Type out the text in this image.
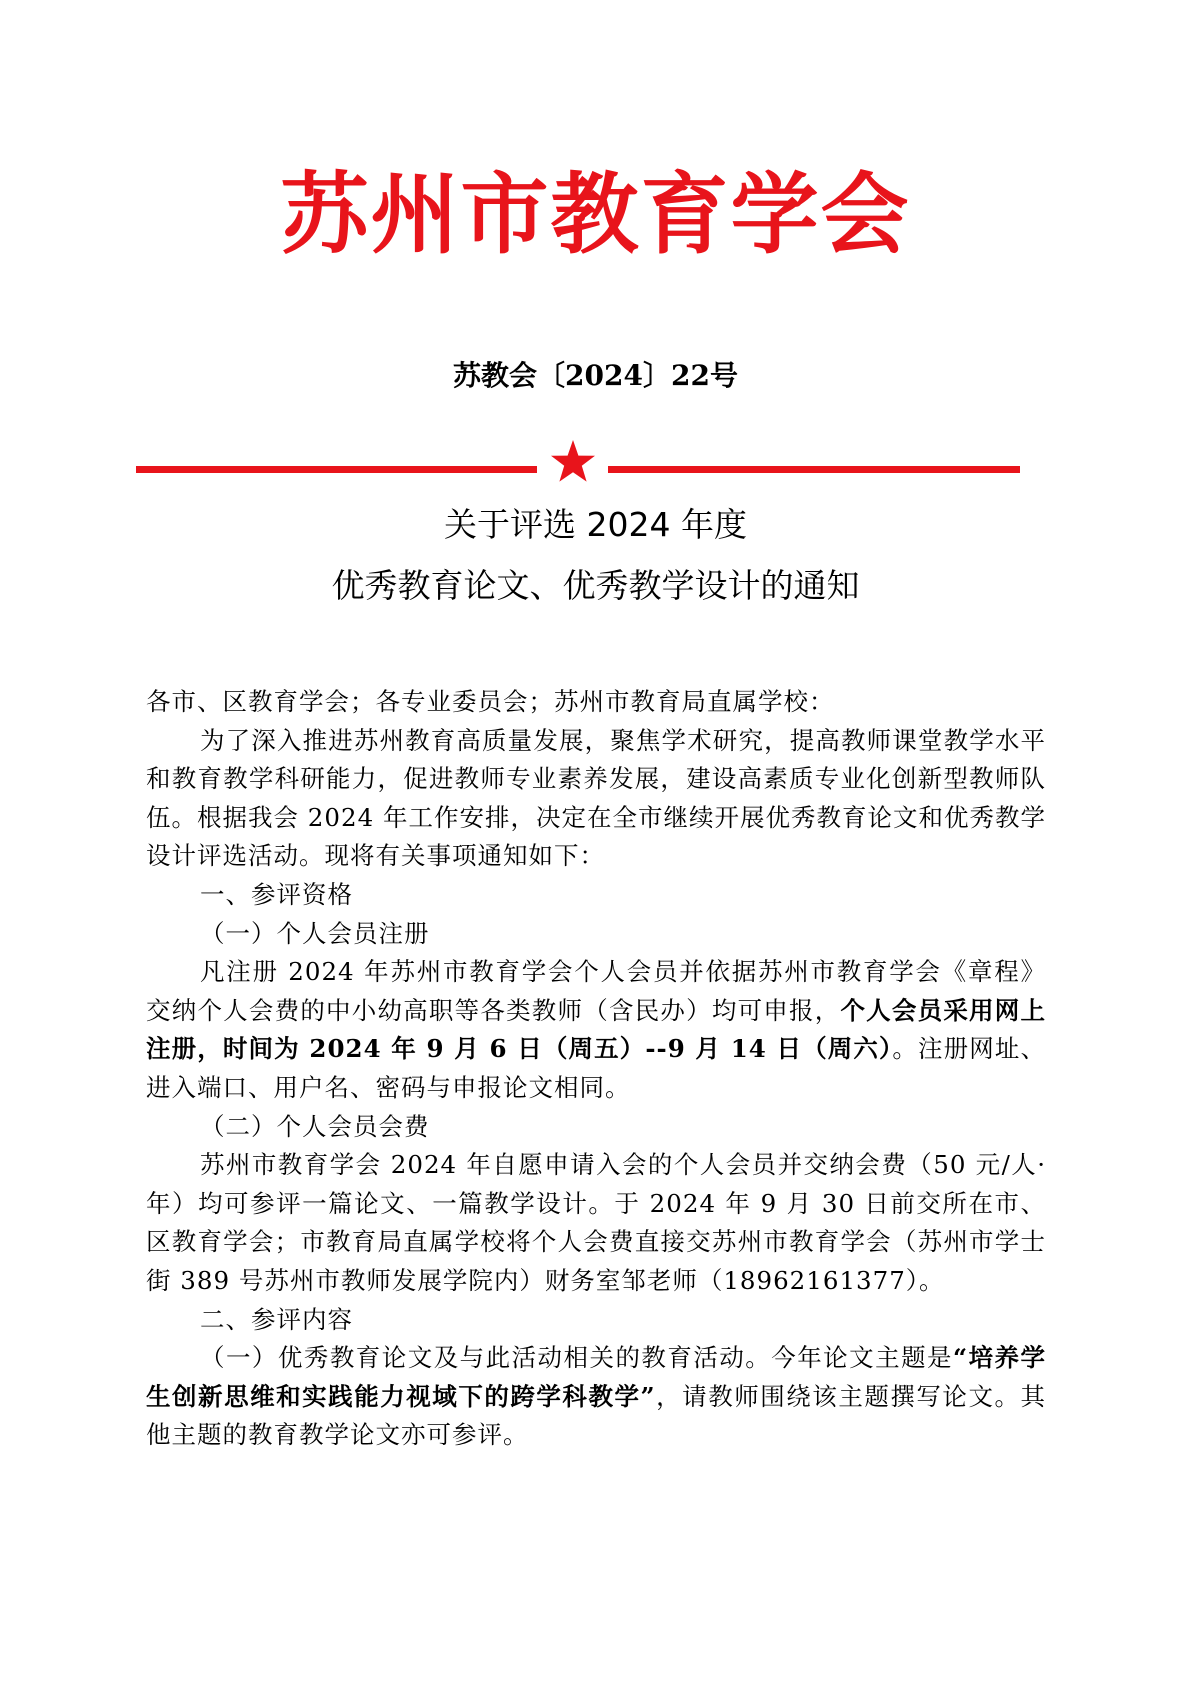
苏州市教育学会
苏教会〔2024〕22号
关于评选 2024 年度
优秀教育论文、优秀教学设计的通知

各市、区教育学会；各专业委员会；苏州市教育局直属学校：

为了深入推进苏州教育高质量发展，聚焦学术研究，提高教师课堂教学水平和教育教学科研能力，促进教师专业素养发展，建设高素质专业化创新型教师队伍。根据我会 2024 年工作安排，决定在全市继续开展优秀教育论文和优秀教学设计评选活动。现将有关事项通知如下：

一、参评资格

（一）个人会员注册

凡注册 2024 年苏州市教育学会个人会员并依据苏州市教育学会《章程》交纳个人会费的中小幼高职等各类教师（含民办）均可申报，个人会员采用网上注册，时间为 2024 年 9 月 6 日（周五）--9 月 14 日（周六）。注册网址、进入端口、用户名、密码与申报论文相同。

（二）个人会员会费

苏州市教育学会 2024 年自愿申请入会的个人会员并交纳会费（50 元/人·年）均可参评一篇论文、一篇教学设计。于 2024 年 9 月 30 日前交所在市、区教育学会；市教育局直属学校将个人会费直接交苏州市教育学会（苏州市学士街 389 号苏州市教师发展学院内）财务室邹老师（18962161377）。

二、参评内容

（一）优秀教育论文及与此活动相关的教育活动。今年论文主题是“培养学生创新思维和实践能力视域下的跨学科教学”，请教师围绕该主题撰写论文。其他主题的教育教学论文亦可参评。
